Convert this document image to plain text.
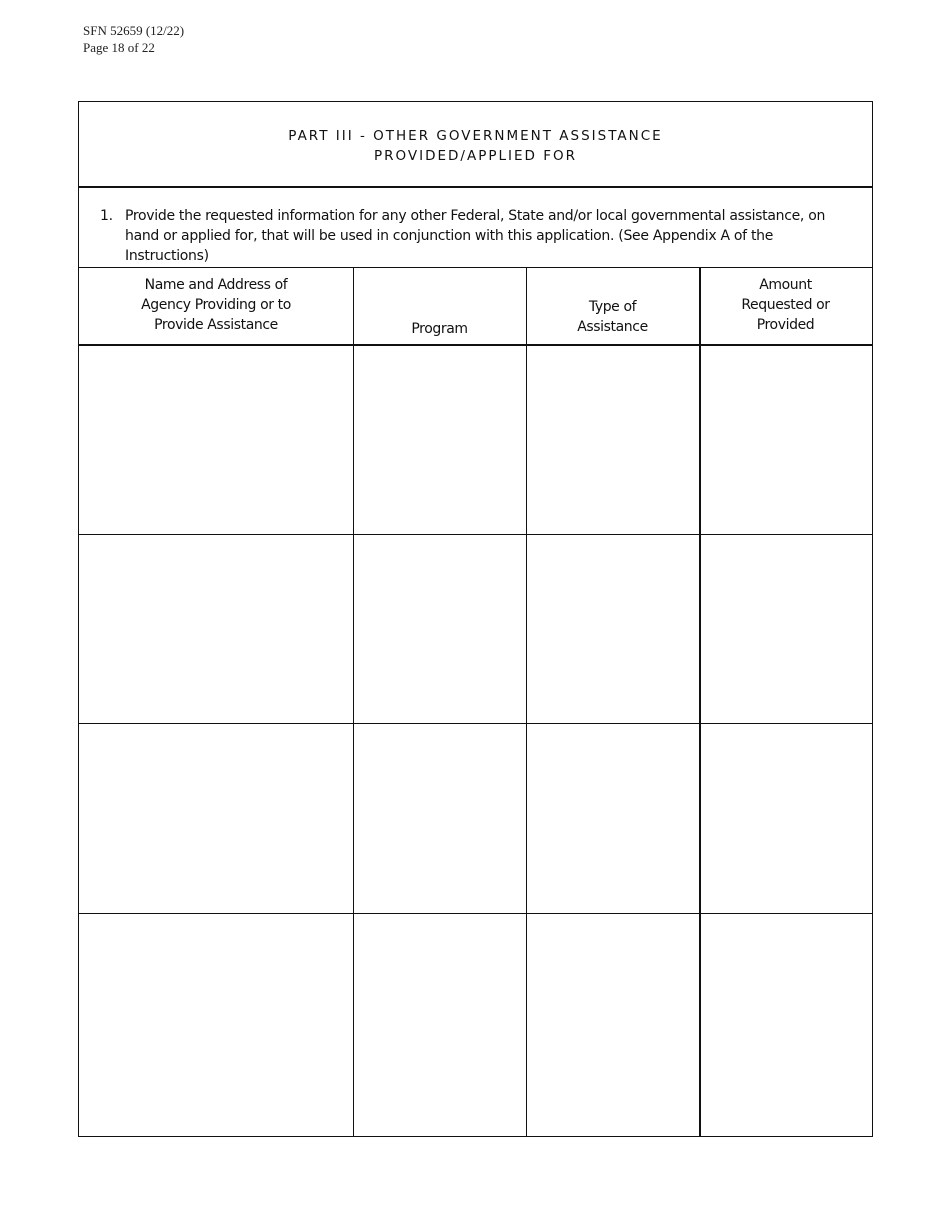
SFN 52659 (12/22)
Page 18 of 22
PART III - OTHER GOVERNMENT ASSISTANCE
PROVIDED/APPLIED FOR
1. Provide the requested information for any other Federal, State and/or local governmental assistance, on hand or applied for, that will be used in conjunction with this application. (See Appendix A of the Instructions)
Name and Address of
Agency Providing or to
Provide Assistance	Program
Type of
Assistance
Amount
Requested or
Provided
